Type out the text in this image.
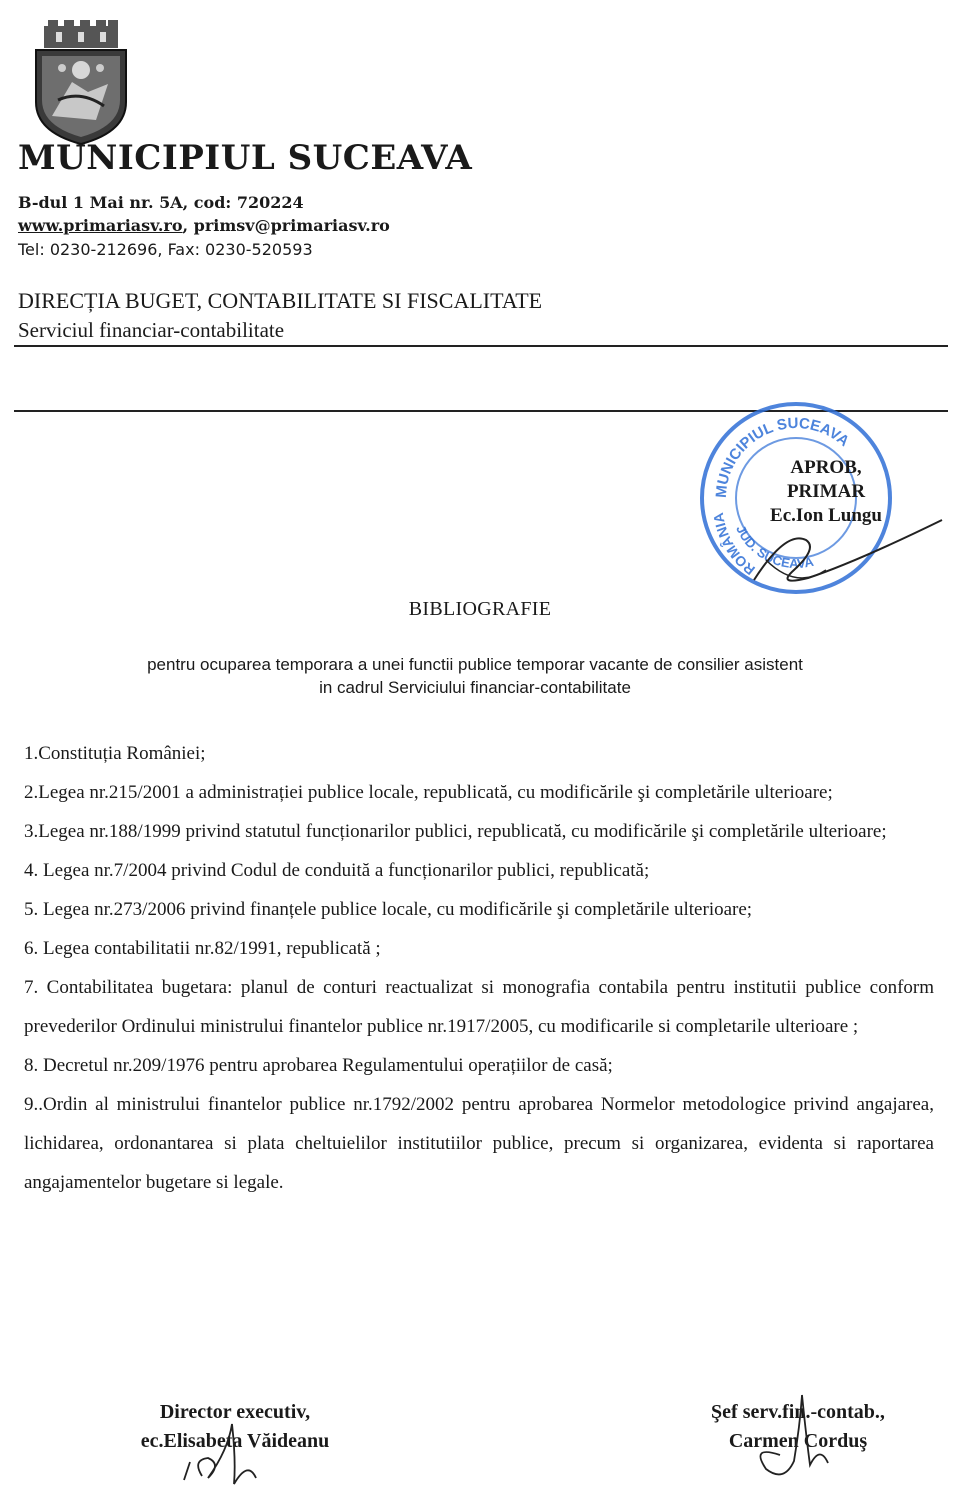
MUNICIPIUL SUCEAVA
B-dul 1 Mai nr. 5A, cod: 720224
www.primariasv.ro, primsv@primariasv.ro
Tel: 0230-212696, Fax: 0230-520593
DIRECȚIA BUGET, CONTABILITATE SI FISCALITATE
Serviciul financiar-contabilitate
MUNICIPIUL SUCEAVA
JUD. SUCEAVA
ROMÂNIA
APROB,
PRIMAR
Ec.Ion Lungu
BIBLIOGRAFIE
pentru ocuparea temporara a unei functii publice temporar vacante de consilier asistent
in cadrul Serviciului financiar-contabilitate
1.Constituția României;
2.Legea nr.215/2001 a administrației publice locale, republicată, cu modificările şi completările ulterioare;
3.Legea nr.188/1999 privind statutul funcționarilor publici, republicată, cu modificările şi completările ulterioare;
4. Legea nr.7/2004 privind Codul de conduită a funcționarilor publici, republicată;
5. Legea nr.273/2006 privind finanțele publice locale, cu modificările şi completările ulterioare;
6. Legea contabilitatii nr.82/1991, republicată ;
7. Contabilitatea bugetara: planul de conturi reactualizat si monografia contabila pentru institutii publice conform prevederilor Ordinului ministrului finantelor publice nr.1917/2005, cu modificarile si completarile ulterioare ;
8. Decretul nr.209/1976 pentru aprobarea Regulamentului operațiilor de casă;
9..Ordin al ministrului finantelor publice nr.1792/2002 pentru aprobarea Normelor metodologice privind angajarea, lichidarea, ordonantarea si plata cheltuielilor institutiilor publice, precum si organizarea, evidenta si raportarea angajamentelor bugetare si legale.
Director executiv,
ec.Elisabeta Văideanu
Şef serv.fin.-contab.,
Carmen Corduş
